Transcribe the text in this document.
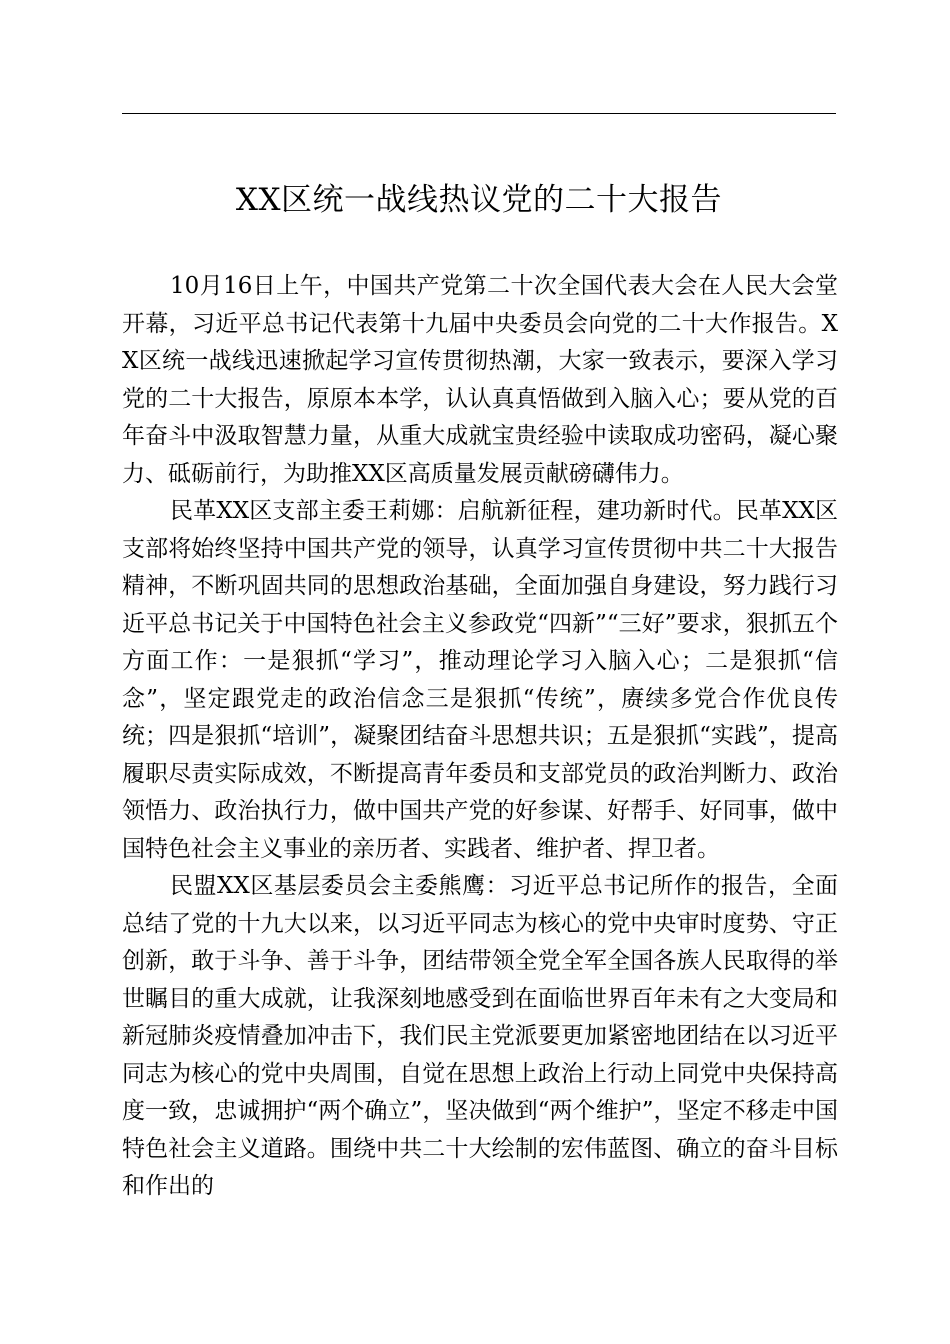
XX区统一战线热议党的二十大报告

10月16日上午，中国共产党第二十次全国代表大会在人民大会堂开幕，习近平总书记代表第十九届中央委员会向党的二十大作报告。XX区统一战线迅速掀起学习宣传贯彻热潮，大家一致表示，要深入学习党的二十大报告，原原本本学，认认真真悟做到入脑入心；要从党的百年奋斗中汲取智慧力量，从重大成就宝贵经验中读取成功密码，凝心聚力、砥砺前行，为助推XX区高质量发展贡献磅礴伟力。

民革XX区支部主委王莉娜：启航新征程，建功新时代。民革XX区支部将始终坚持中国共产党的领导，认真学习宣传贯彻中共二十大报告精神，不断巩固共同的思想政治基础，全面加强自身建设，努力践行习近平总书记关于中国特色社会主义参政党“四新”“三好”要求，狠抓五个方面工作：一是狠抓“学习”，推动理论学习入脑入心；二是狠抓“信念”，坚定跟党走的政治信念三是狠抓“传统”，赓续多党合作优良传统；四是狠抓“培训”，凝聚团结奋斗思想共识；五是狠抓“实践”，提高履职尽责实际成效，不断提高青年委员和支部党员的政治判断力、政治领悟力、政治执行力，做中国共产党的好参谋、好帮手、好同事，做中国特色社会主义事业的亲历者、实践者、维护者、捍卫者。

民盟XX区基层委员会主委熊鹰：习近平总书记所作的报告，全面总结了党的十九大以来，以习近平同志为核心的党中央审时度势、守正创新，敢于斗争、善于斗争，团结带领全党全军全国各族人民取得的举世瞩目的重大成就，让我深刻地感受到在面临世界百年未有之大变局和新冠肺炎疫情叠加冲击下，我们民主党派要更加紧密地团结在以习近平同志为核心的党中央周围，自觉在思想上政治上行动上同党中央保持高度一致，忠诚拥护“两个确立”，坚决做到“两个维护”，坚定不移走中国特色社会主义道路。围绕中共二十大绘制的宏伟蓝图、确立的奋斗目标和作出的
